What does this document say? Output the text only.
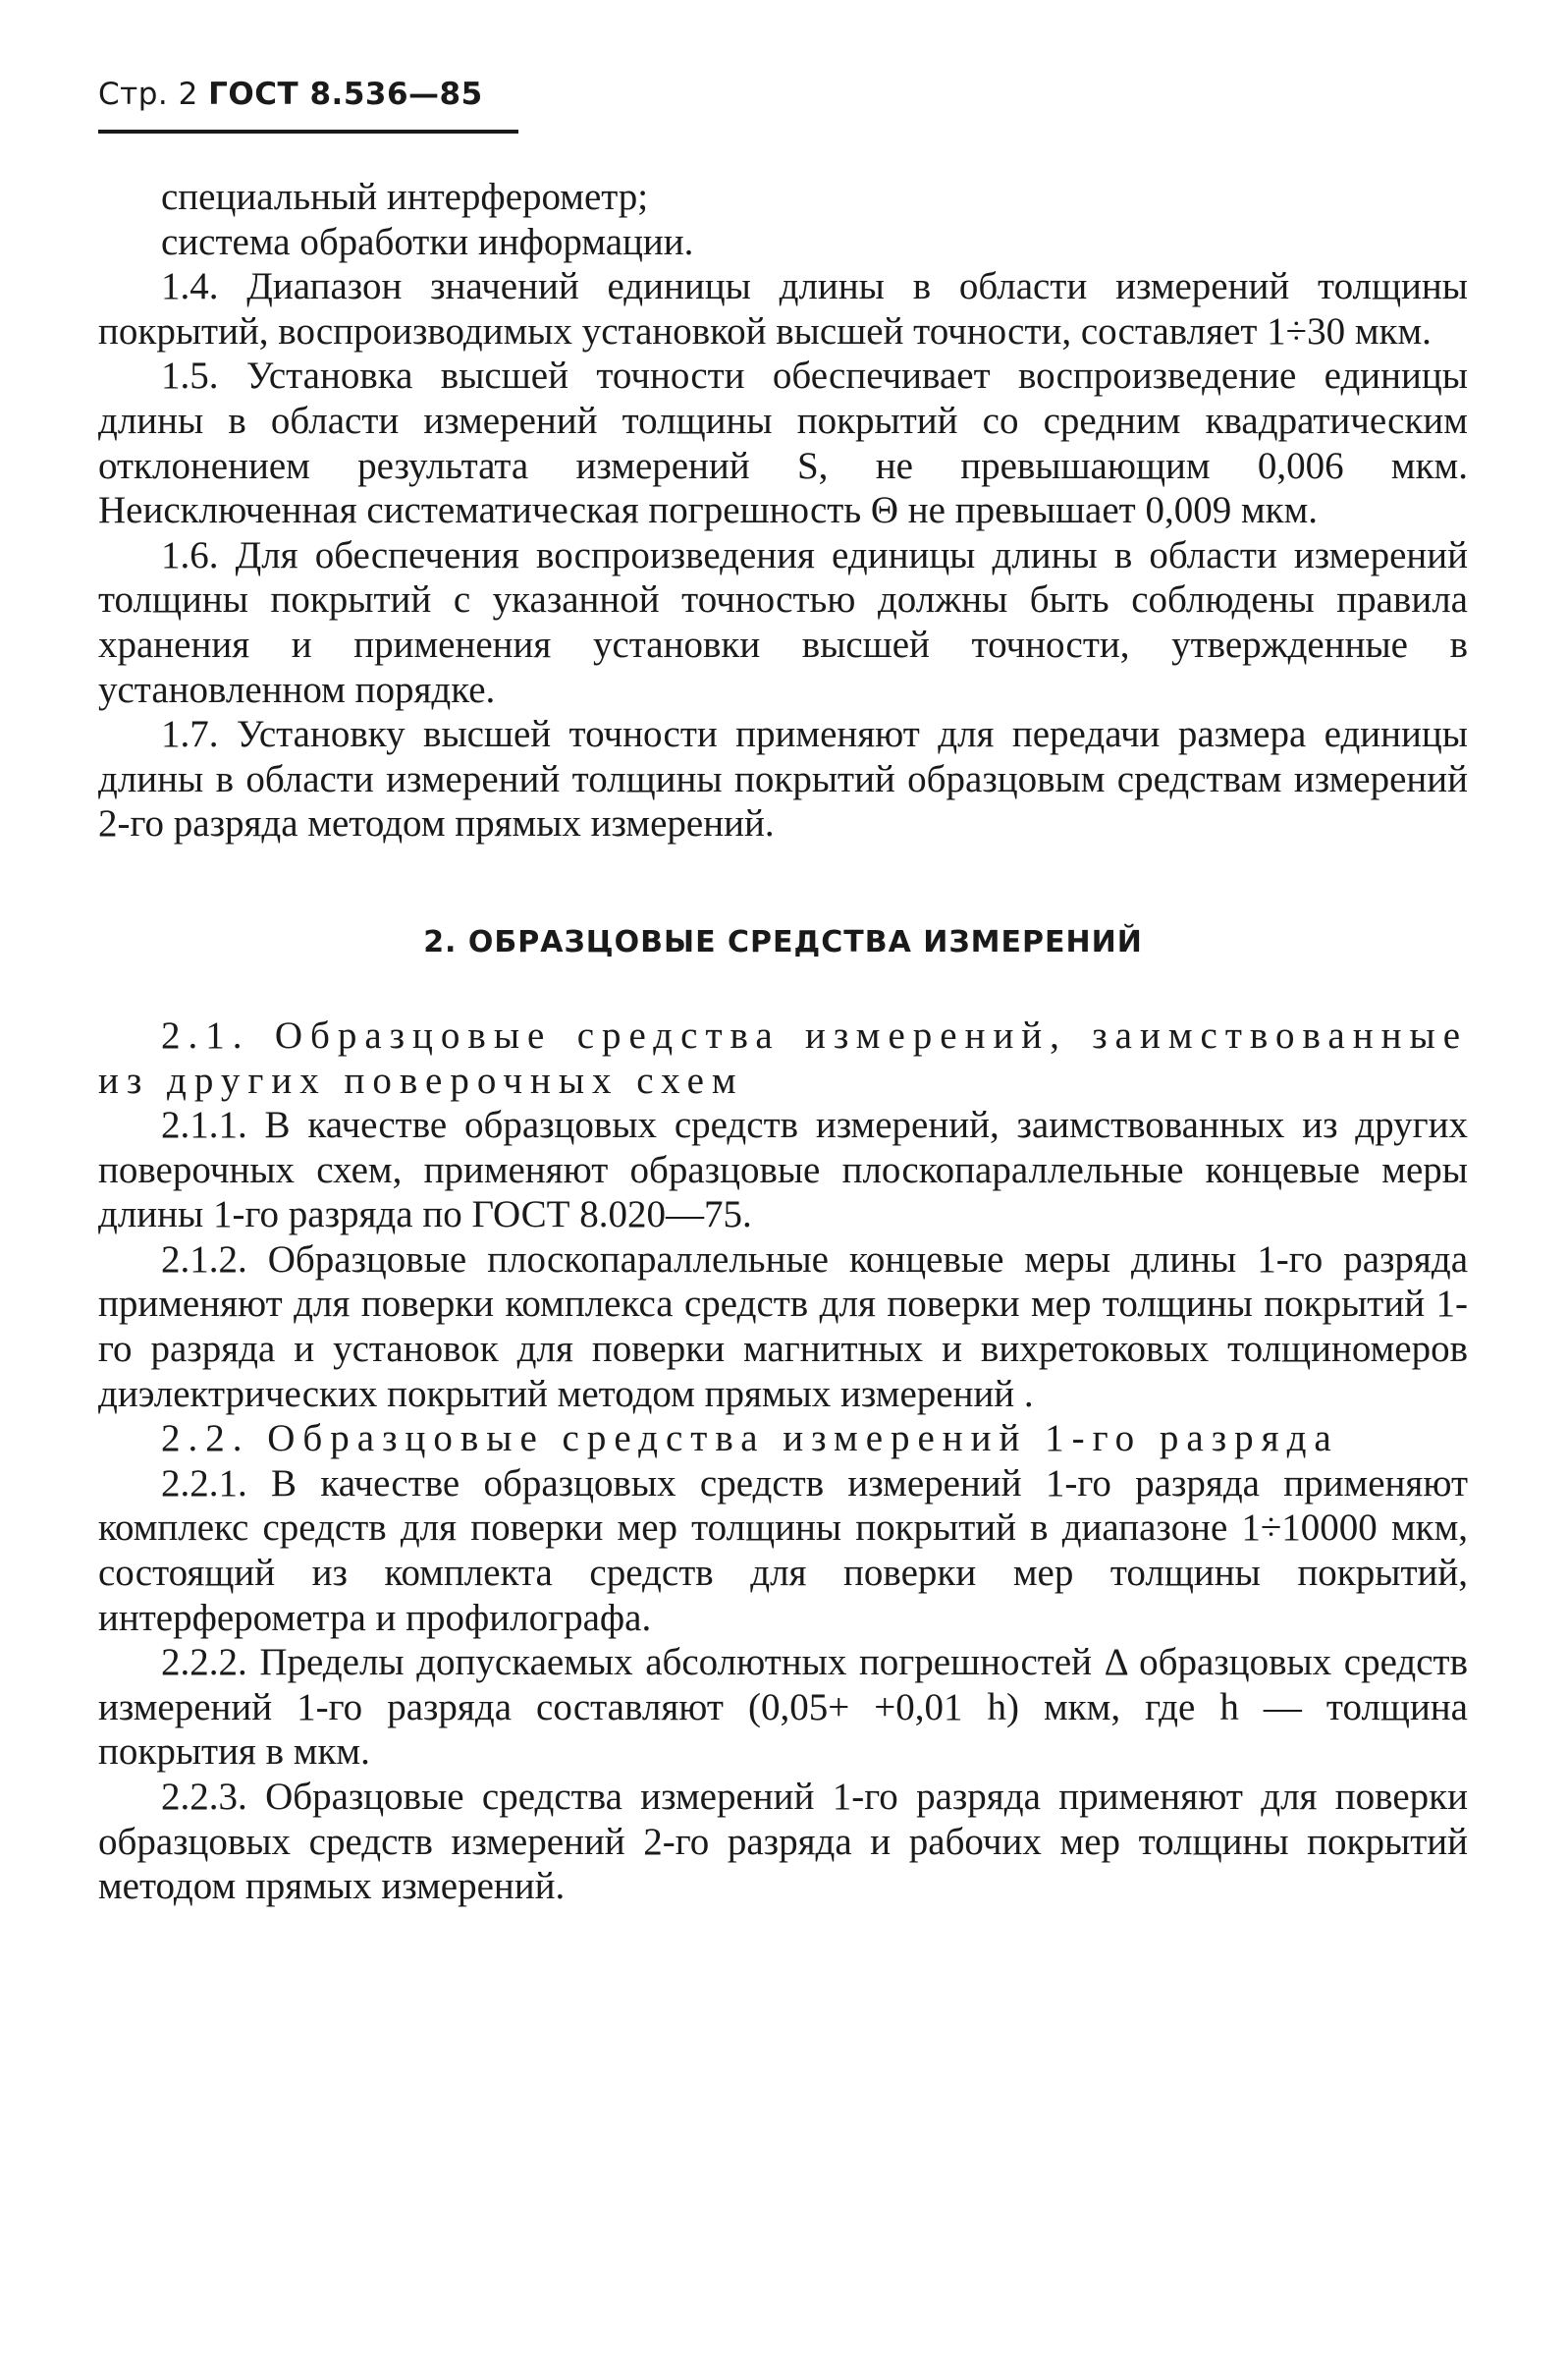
Стр. 2 ГОСТ 8.536—85

специальный интерферометр;

система обработки информации.

1.4. Диапазон значений единицы длины в области измерений толщины покрытий, воспроизводимых установкой высшей точности, составляет 1÷30 мкм.

1.5. Установка высшей точности обеспечивает воспроизведение единицы длины в области измерений толщины покрытий со средним квадратическим отклонением результата измерений S, не превышающим 0,006 мкм. Неисключенная систематическая погрешность Θ не превышает 0,009 мкм.

1.6. Для обеспечения воспроизведения единицы длины в области измерений толщины покрытий с указанной точностью должны быть соблюдены правила хранения и применения установки высшей точности, утвержденные в установленном порядке.

1.7. Установку высшей точности применяют для передачи размера единицы длины в области измерений толщины покрытий образцовым средствам измерений 2-го разряда методом прямых измерений.

2. ОБРАЗЦОВЫЕ СРЕДСТВА ИЗМЕРЕНИЙ

2.1. Образцовые средства измерений, заимствованные из других поверочных схем

2.1.1. В качестве образцовых средств измерений, заимствованных из других поверочных схем, применяют образцовые плоскопараллельные концевые меры длины 1-го разряда по ГОСТ 8.020—75.

2.1.2. Образцовые плоскопараллельные концевые меры длины 1-го разряда применяют для поверки комплекса средств для поверки мер толщины покрытий 1-го разряда и установок для поверки магнитных и вихретоковых толщиномеров диэлектрических покрытий методом прямых измерений .

2.2. Образцовые средства измерений 1-го разряда

2.2.1. В качестве образцовых средств измерений 1-го разряда применяют комплекс средств для поверки мер толщины покрытий в диапазоне 1÷10000 мкм, состоящий из комплекта средств для поверки мер толщины покрытий, интерферометра и профилографа.

2.2.2. Пределы допускаемых абсолютных погрешностей Δ образцовых средств измерений 1-го разряда составляют (0,05+ +0,01 h) мкм, где h — толщина покрытия в мкм.

2.2.3. Образцовые средства измерений 1-го разряда применяют для поверки образцовых средств измерений 2-го разряда и рабочих мер толщины покрытий методом прямых измерений.
